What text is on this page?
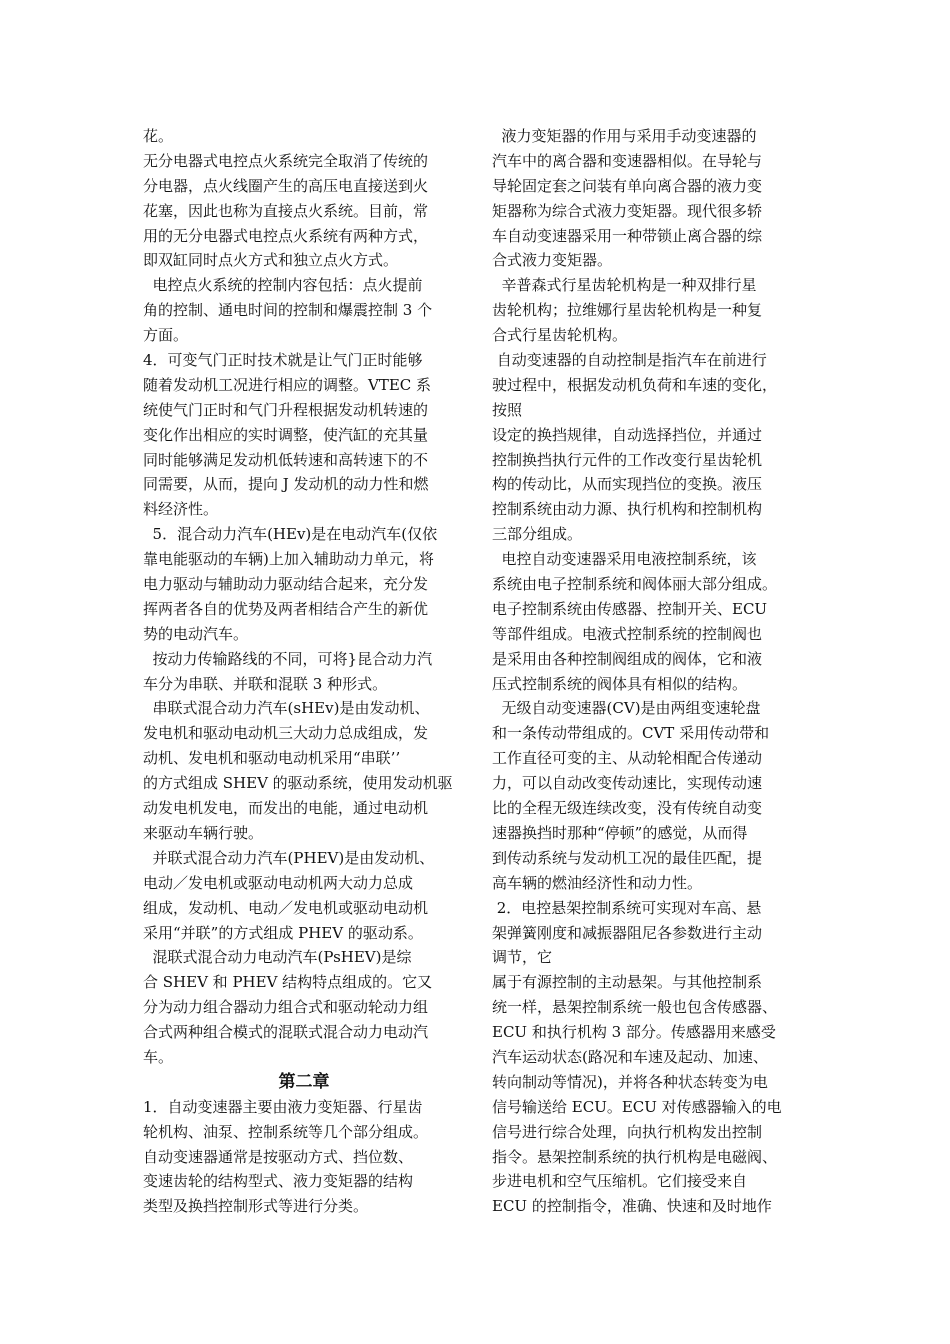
花。
无分电器式电控点火系统完全取消了传统的
分电器，点火线圈产生的高压电直接送到火
花塞，因此也称为直接点火系统。目前，常
用的无分电器式电控点火系统有两种方式，
即双缸同时点火方式和独立点火方式。
电控点火系统的控制内容包括：点火提前
角的控制、通电时间的控制和爆震控制 3 个
方面。
4．可变气门正时技术就是让气门正时能够
随着发动机工况进行相应的调整。VTEC 系
统使气门正时和气门升程根据发动机转速的
变化作出相应的实时调整，使汽缸的充其量
同时能够满足发动机低转速和高转速下的不
同需要，从而，提向 J 发动机的动力性和燃
料经济性。
5．混合动力汽车(HEv)是在电动汽车(仅依
靠电能驱动的车辆)上加入辅助动力单元，将
电力驱动与辅助动力驱动结合起来，充分发
挥两者各自的优势及两者相结合产生的新优
势的电动汽车。
按动力传输路线的不同，可将}昆合动力汽
车分为串联、并联和混联 3 种形式。
串联式混合动力汽车(sHEv)是由发动机、
发电机和驱动电动机三大动力总成组成，发
动机、发电机和驱动电动机采用“串联’’
的方式组成 SHEV 的驱动系统，使用发动机驱
动发电机发电，而发出的电能，通过电动机
来驱动车辆行驶。
并联式混合动力汽车(PHEV)是由发动机、
电动／发电机或驱动电动机两大动力总成
组成，发动机、电动／发电机或驱动电动机
采用“并联”的方式组成 PHEV 的驱动系。
混联式混合动力电动汽车(PsHEV)是综
合 SHEV 和 PHEV 结构特点组成的。它又
分为动力组合器动力组合式和驱动轮动力组
合式两种组合模式的混联式混合动力电动汽
车。
第二章
1．自动变速器主要由液力变矩器、行星齿
轮机构、油泵、控制系统等几个部分组成。
自动变速器通常是按驱动方式、挡位数、
变速齿轮的结构型式、液力变矩器的结构
类型及换挡控制形式等进行分类。
液力变矩器的作用与采用手动变速器的
汽车中的离合器和变速器相似。在导轮与
导轮固定套之问装有单向离合器的液力变
矩器称为综合式液力变矩器。现代很多轿
车自动变速器采用一种带锁止离合器的综
合式液力变矩器。
辛普森式行星齿轮机构是一种双排行星
齿轮机构；拉维娜行星齿轮机构是一种复
合式行星齿轮机构。
自动变速器的自动控制是指汽车在前进行
驶过程中，根据发动机负荷和车速的变化，
按照
设定的换挡规律，自动选择挡位，并通过
控制换挡执行元件的工作改变行星齿轮机
构的传动比，从而实现挡位的变换。液压
控制系统由动力源、执行机构和控制机构
三部分组成。
电控自动变速器采用电液控制系统，该
系统由电子控制系统和阀体丽大部分组成。
电子控制系统由传感器、控制开关、ECU
等部件组成。电液式控制系统的控制阀也
是采用由各种控制阀组成的阀体，它和液
压式控制系统的阀体具有相似的结构。
无级自动变速器(CV)是由两组变速轮盘
和一条传动带组成的。CVT 采用传动带和
工作直径可变的主、从动轮相配合传递动
力，可以自动改变传动速比，实现传动速
比的全程无级连续改变，没有传统自动变
速器换挡时那种“停顿”的感觉，从而得
到传动系统与发动机工况的最佳匹配，提
高车辆的燃油经济性和动力性。
2．电控悬架控制系统可实现对车高、悬
架弹簧刚度和减振器阻尼各参数进行主动
调节，它
属于有源控制的主动悬架。与其他控制系
统一样，悬架控制系统一般也包含传感器、
ECU 和执行机构 3 部分。传感器用来感受
汽车运动状态(路况和车速及起动、加速、
转向制动等情况)，并将各种状态转变为电
信号输送给 ECU。ECU 对传感器输入的电
信号进行综合处理，向执行机构发出控制
指令。悬架控制系统的执行机构是电磁阀、
步进电机和空气压缩机。它们接受来自
ECU 的控制指令，准确、快速和及时地作
